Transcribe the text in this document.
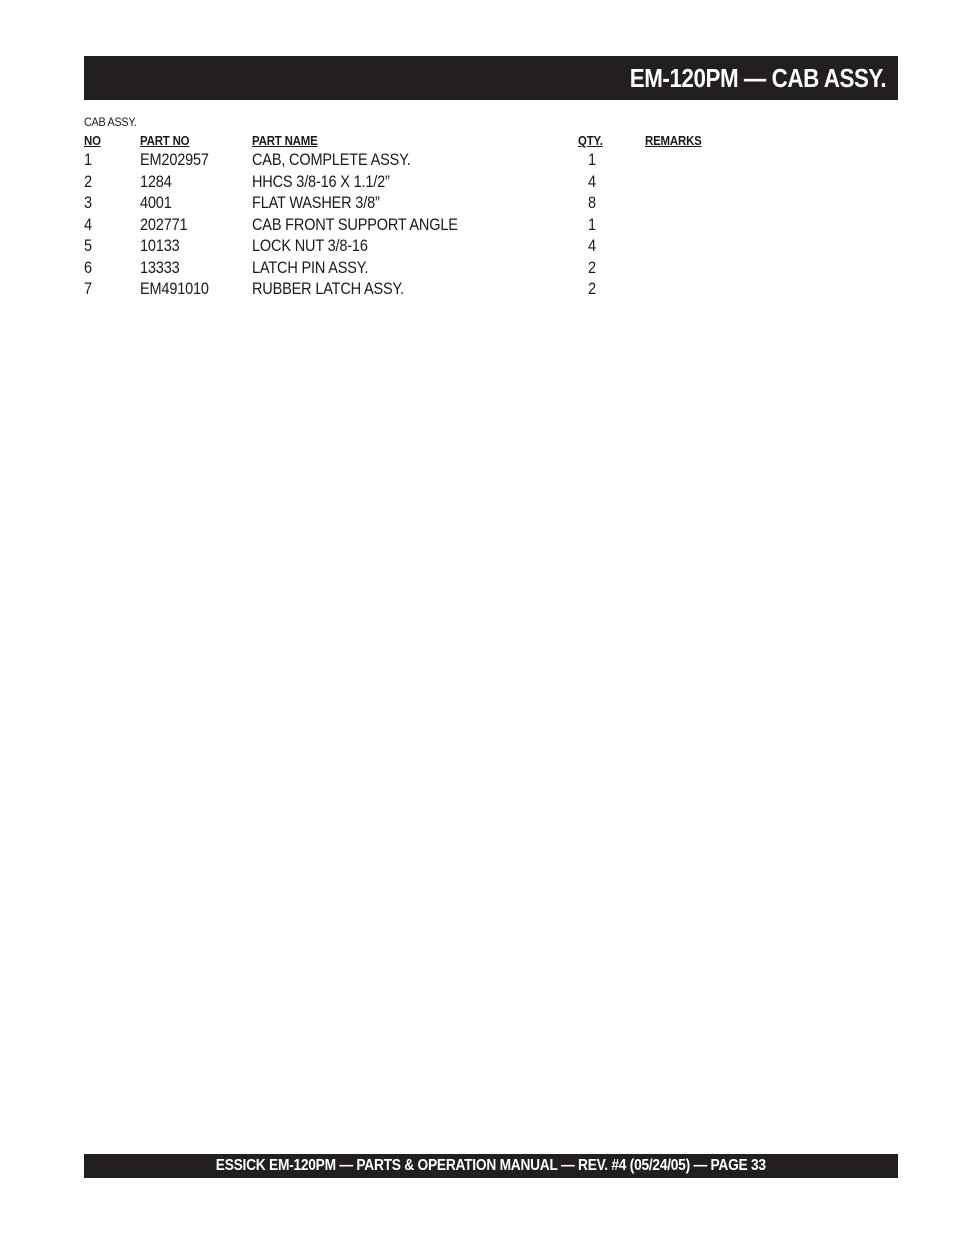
EM-120PM — CAB ASSY.
CAB ASSY.
NO	PART NO	PART NAME	QTY.	REMARKS
1	EM202957	CAB, COMPLETE ASSY.	1
2	1284	HHCS 3/8-16 X 1.1/2”	4
3	4001	FLAT WASHER 3/8”	8
4	202771	CAB FRONT SUPPORT ANGLE	1
5	10133	LOCK NUT 3/8-16	4
6	13333	LATCH PIN ASSY.	2
7	EM491010	RUBBER LATCH ASSY.	2
ESSICK EM-120PM — PARTS & OPERATION MANUAL — REV. #4 (05/24/05) — PAGE 33
